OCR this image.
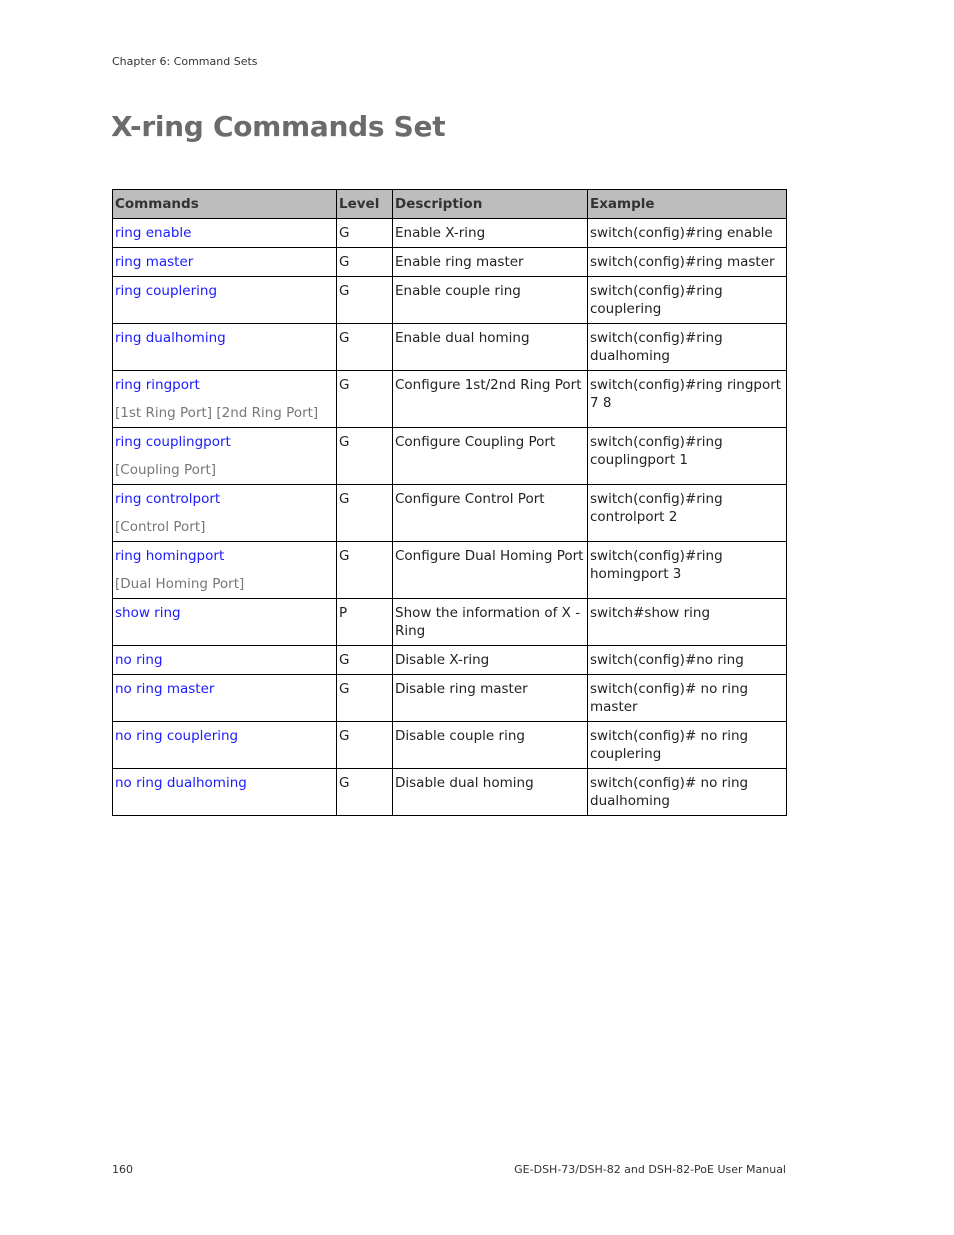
Chapter 6: Command Sets
X-ring Commands Set
Commands	Level	Description	Example

ring enable	G	Enable X-ring	switch(config)#ring enable

ring master	G	Enable ring master	switch(config)#ring master

ring couplering	G	Enable couple ring	switch(config)#ring couplering

ring dualhoming	G	Enable dual homing	switch(config)#ring dualhoming

ring ringport
[1st Ring Port] [2nd Ring Port]	G	Configure 1st/2nd Ring Port	switch(config)#ring ringport 7 8

ring couplingport
[Coupling Port]	G	Configure Coupling Port	switch(config)#ring couplingport 1

ring controlport
[Control Port]	G	Configure Control Port	switch(config)#ring controlport 2

ring homingport
[Dual Homing Port]	G	Configure Dual Homing Port	switch(config)#ring homingport 3

show ring	P	Show the information of X - Ring	switch#show ring

no ring	G	Disable X-ring	switch(config)#no ring

no ring master	G	Disable ring master	switch(config)# no ring master

no ring couplering	G	Disable couple ring	switch(config)# no ring couplering

no ring dualhoming	G	Disable dual homing	switch(config)# no ring dualhoming
160	GE-DSH-73/DSH-82 and DSH-82-PoE User Manual
